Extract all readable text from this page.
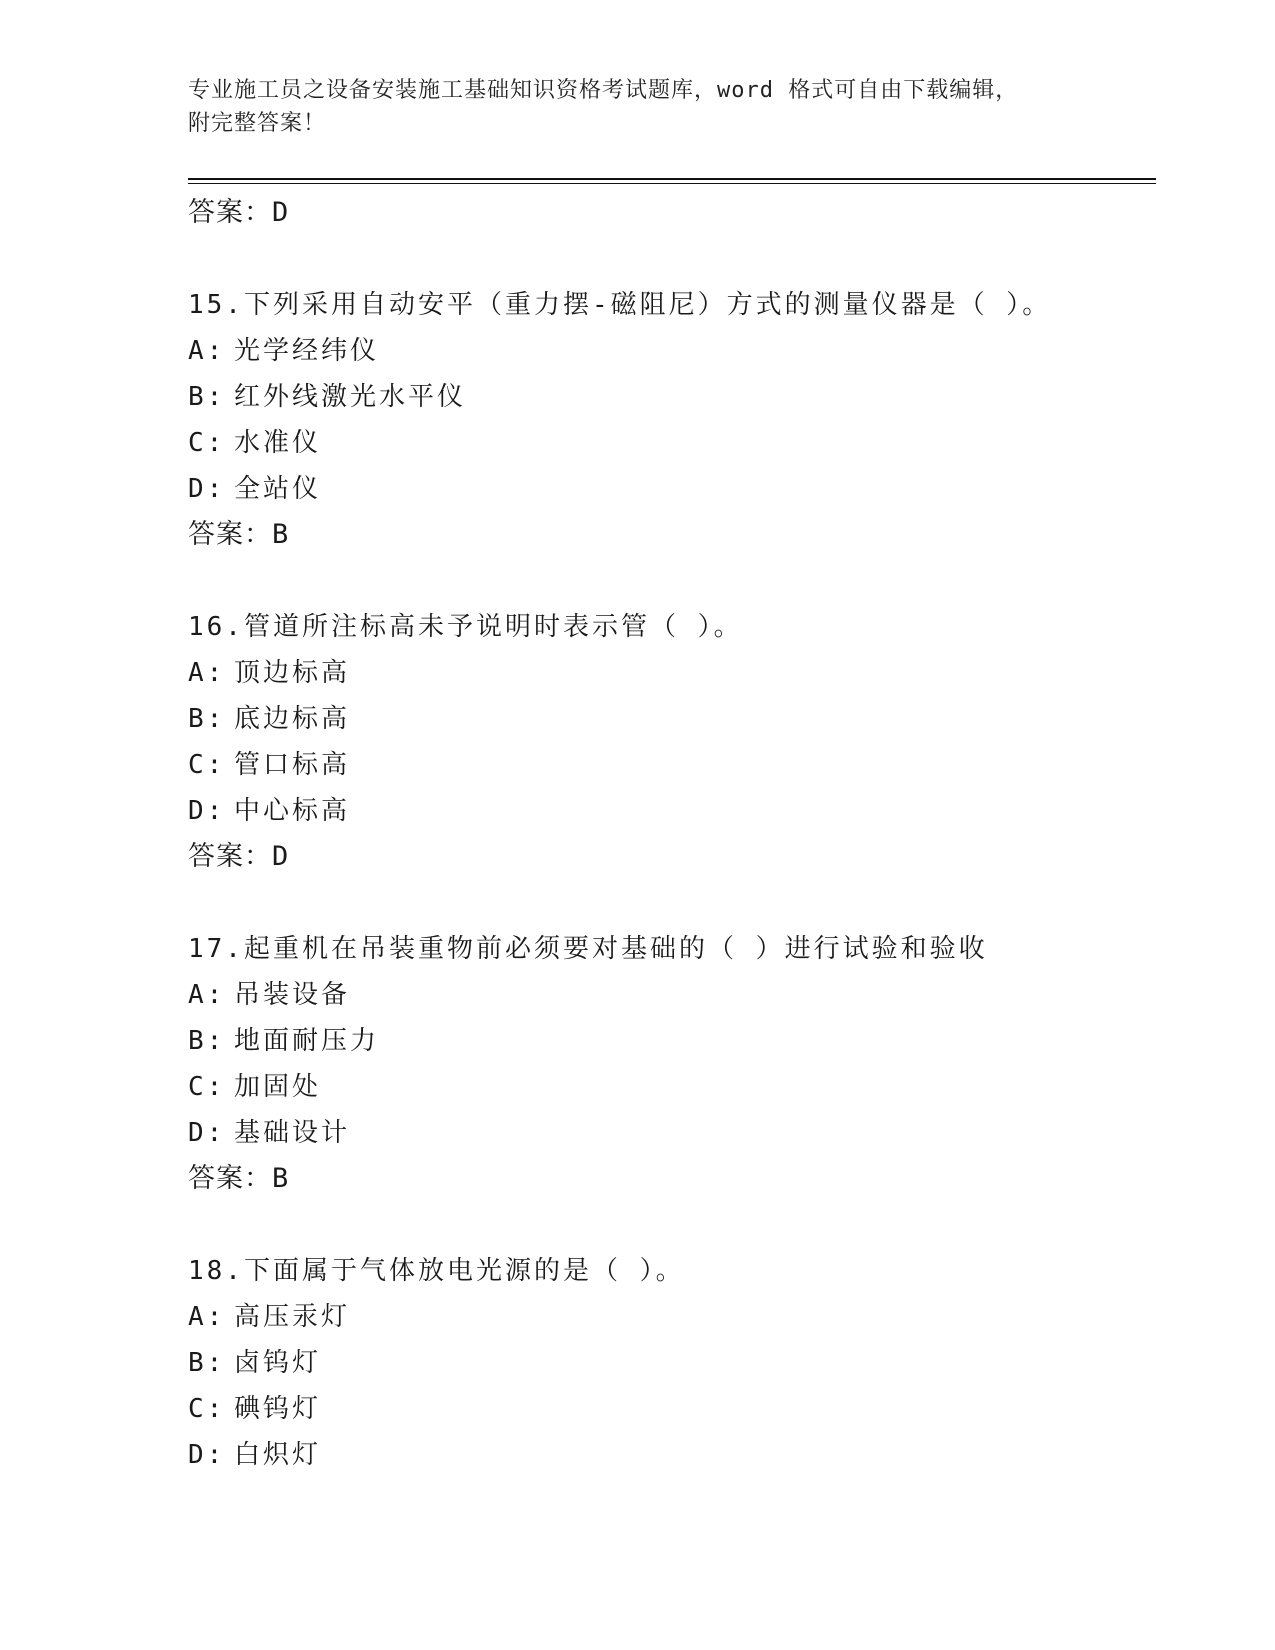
专业施工员之设备安装施工基础知识资格考试题库，word 格式可自由下载编辑，
附完整答案！
答案：D
15.下列采用自动安平（重力摆-磁阻尼）方式的测量仪器是（ ）。
A: 光学经纬仪
B: 红外线激光水平仪
C: 水准仪
D: 全站仪
答案：B
16.管道所注标高未予说明时表示管（ ）。
A: 顶边标高
B: 底边标高
C: 管口标高
D: 中心标高
答案：D
17.起重机在吊装重物前必须要对基础的（ ）进行试验和验收
A: 吊装设备
B: 地面耐压力
C: 加固处
D: 基础设计
答案：B
18.下面属于气体放电光源的是（ ）。
A: 高压汞灯
B: 卤钨灯
C: 碘钨灯
D: 白炽灯
